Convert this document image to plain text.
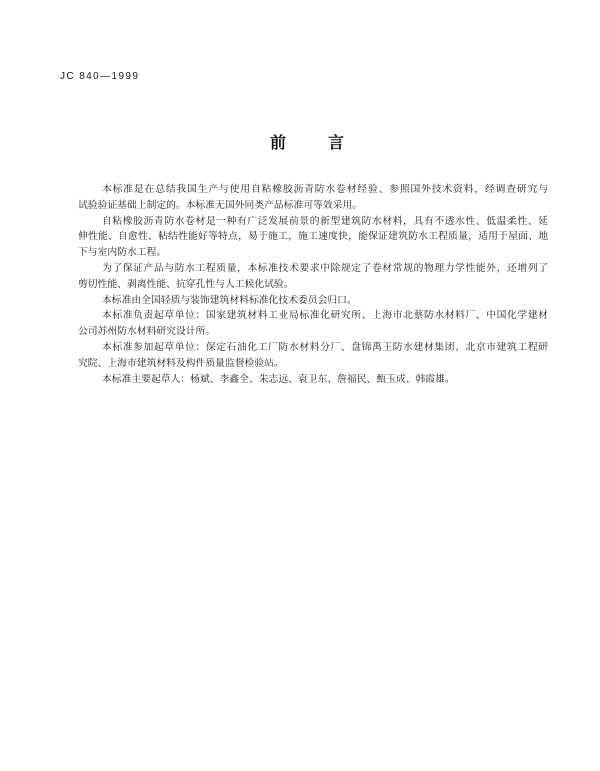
JC 840—1999
前言
本标准是在总结我国生产与使用自粘橡胶沥青防水卷材经验、参照国外技术资料，经调查研究与
试验验证基础上制定的。本标准无国外同类产品标准可等效采用。
自粘橡胶沥青防水卷材是一种有广泛发展前景的新型建筑防水材料，具有不透水性、低温柔性、延
伸性能、自愈性、粘结性能好等特点，易于施工，施工速度快，能保证建筑防水工程质量，适用于屋面、地
下与室内防水工程。
为了保证产品与防水工程质量，本标准技术要求中除规定了卷材常规的物理力学性能外，还增列了
剪切性能、剥离性能、抗穿孔性与人工候化试验。
本标准由全国轻质与装饰建筑材料标准化技术委员会归口。
本标准负责起草单位：国家建筑材料工业局标准化研究所、上海市北蔡防水材料厂、中国化学建材
公司苏州防水材料研究设计所。
本标准参加起草单位：保定石油化工厂防水材料分厂、盘锦禹王防水建材集团、北京市建筑工程研
究院、上海市建筑材料及构件质量监督检验站。
本标准主要起草人：杨斌、李鑫全、朱志远、袁卫东、詹福民、甄玉成、韩霞雄。
